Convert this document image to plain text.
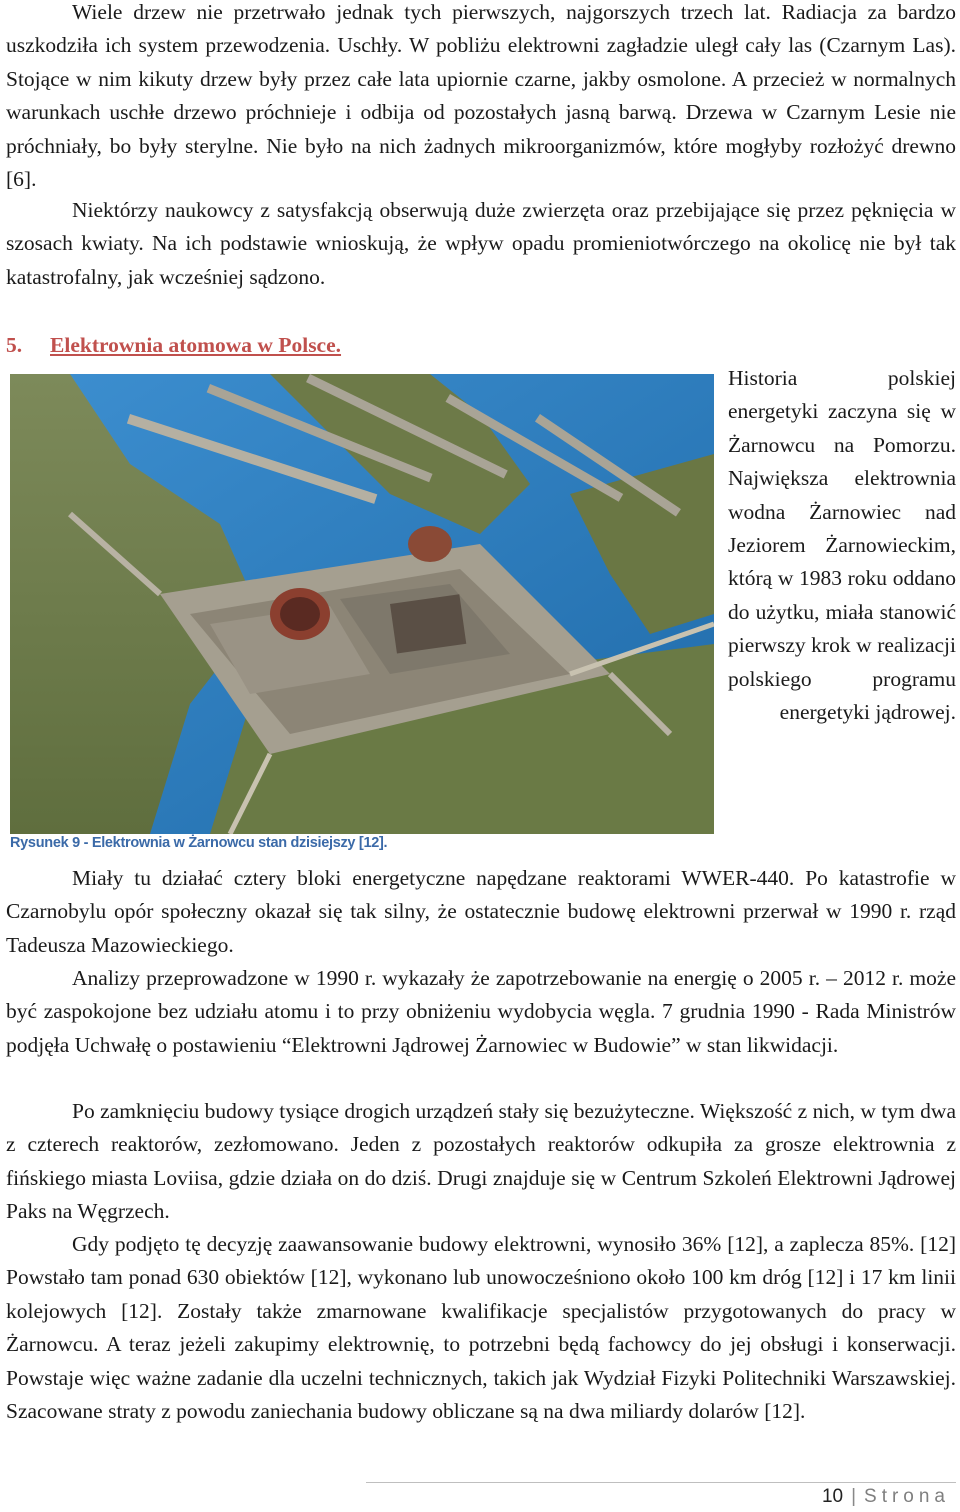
Wiele drzew nie przetrwało jednak tych pierwszych, najgorszych trzech lat. Radiacja za bardzo uszkodziła ich system przewodzenia. Uschły. W pobliżu elektrowni zagładzie uległ cały las (Czarnym Las). Stojące w nim kikuty drzew były przez całe lata upiornie czarne, jakby osmolone. A przecież w normalnych warunkach uschłe drzewo próchnieje i odbija od pozostałych jasną barwą. Drzewa w Czarnym Lesie nie próchniały, bo były sterylne. Nie było na nich żadnych mikroorganizmów, które mogłyby rozłożyć drewno [6].

Niektórzy naukowcy z satysfakcją obserwują duże zwierzęta oraz przebijające się przez pęknięcia w szosach kwiaty. Na ich podstawie wnioskują, że wpływ opadu promieniotwórczego na okolicę nie był tak katastrofalny, jak wcześniej sądzono.

5. Elektrownia atomowa w Polsce.
Rysunek 9 - Elektrownia w Żarnowcu stan dzisiejszy [12].

Historia polskiej energetyki zaczyna się w Żarnowcu na Pomorzu. Największa elektrownia wodna Żarnowiec nad Jeziorem Żarnowieckim, którą w 1983 roku oddano do użytku, miała stanowić pierwszy krok w realizacji polskiego programu

energetyki jądrowej.

Miały tu działać cztery bloki energetyczne napędzane reaktorami WWER-440. Po katastrofie w Czarnobylu opór społeczny okazał się tak silny, że ostatecznie budowę elektrowni przerwał w 1990 r. rząd Tadeusza Mazowieckiego.

Analizy przeprowadzone w 1990 r. wykazały że zapotrzebowanie na energię o 2005 r. – 2012 r. może być zaspokojone bez udziału atomu i to przy obniżeniu wydobycia węgla. 7 grudnia 1990 - Rada Ministrów podjęła Uchwałę o postawieniu “Elektrowni Jądrowej Żarnowiec w Budowie” w stan likwidacji.

Po zamknięciu budowy tysiące drogich urządzeń stały się bezużyteczne. Większość z nich, w tym dwa z czterech reaktorów, zezłomowano. Jeden z pozostałych reaktorów odkupiła za grosze elektrownia z fińskiego miasta Loviisa, gdzie działa on do dziś. Drugi znajduje się w Centrum Szkoleń Elektrowni Jądrowej Paks na Węgrzech.

Gdy podjęto tę decyzję zaawansowanie budowy elektrowni, wynosiło 36% [12], a zaplecza 85%. [12] Powstało tam ponad 630 obiektów [12], wykonano lub unowocześniono około 100 km dróg [12] i 17 km linii kolejowych [12]. Zostały także zmarnowane kwalifikacje specjalistów przygotowanych do pracy w Żarnowcu. A teraz jeżeli zakupimy elektrownię, to potrzebni będą fachowcy do jej obsługi i konserwacji. Powstaje więc ważne zadanie dla uczelni technicznych, takich jak Wydział Fizyki Politechniki Warszawskiej. Szacowane straty z powodu zaniechania budowy obliczane są na dwa miliardy dolarów [12].

10 | Strona
